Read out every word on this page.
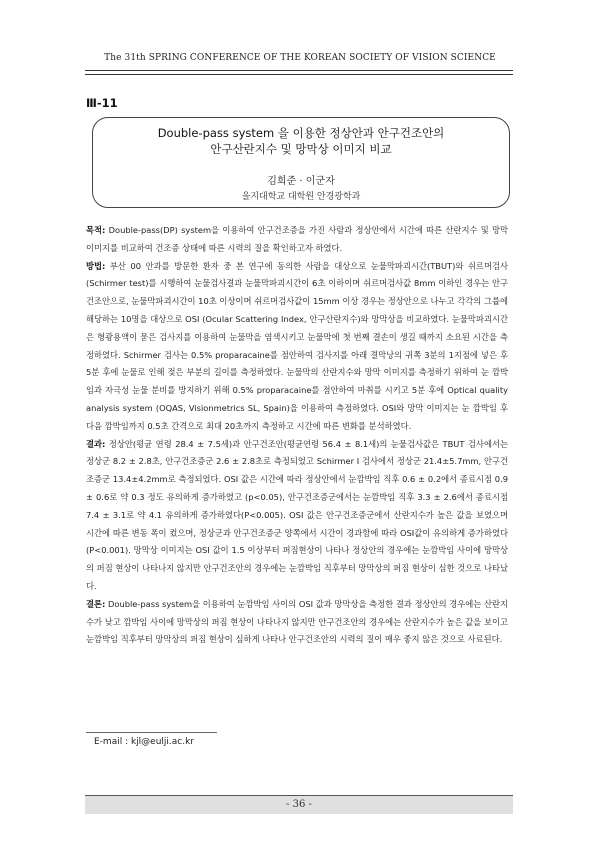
The 31th SPRING CONFERENCE OF THE KOREAN SOCIETY OF VISION SCIENCE
Ⅲ-11
Double-pass system 을 이용한 정상안과 안구건조안의
안구산란지수 및 망막상 이미지 비교
김희준 · 이군자
을지대학교 대학원 안경광학과
목적: Double-pass(DP) system을 이용하여 안구건조증을 가진 사람과 정상안에서 시간에 따른 산란지수 및 망막이미지를 비교하여 건조증 상태에 따른 시력의 질을 확인하고자 하였다.
방법: 부산 00 안과를 방문한 환자 중 본 연구에 동의한 사람을 대상으로 눈물막파괴시간(TBUT)와 쉬르머검사(Schirmer test)를 시행하여 눈물검사결과 눈물막파괴시간이 6초 이하이며 쉬르머검사값 8mm 이하인 경우는 안구건조안으로, 눈물막파괴시간이 10초 이상이며 쉬르머검사값이 15mm 이상 경우는 정상안으로 나누고 각각의 그룹에 해당하는 10명을 대상으로 OSI (Ocular Scattering Index, 안구산란지수)와 망막상을 비교하였다. 눈물막파괴시간은 형광용액이 묻은 검사지를 이용하여 눈물막을 염색시키고 눈물막에 첫 번째 결손이 생길 때까지 소요된 시간을 측정하였다. Schirmer 검사는 0.5% proparacaine를 점안하여 검사지를 아래 결막낭의 귀쪽 3분의 1지점에 넣은 후 5분 후에 눈물로 인해 젖은 부분의 길이를 측정하였다. 눈물막의 산란지수와 망막 이미지를 측정하기 위하여 눈 깜박임과 자극성 눈물 분비를 방지하기 위해 0.5% proparacaine를 점안하여 마취를 시키고 5분 후에 Optical quality analysis system (OQAS, Visionmetrics SL, Spain)을 이용하여 측정하였다. OSI와 망막 이미지는 눈 깜박임 후 다음 깜박임까지 0.5초 간격으로 최대 20초까지 측정하고 시간에 따른 변화를 분석하였다.
결과: 정상안(평균 연령 28.4 ± 7.5세)과 안구건조안(평균연령 56.4 ± 8.1세)의 눈물검사값은 TBUT 검사에서는 정상군 8.2 ± 2.8초, 안구건조증군 2.6 ± 2.8초로 측정되었고 Schirmer I 검사에서 정상군 21.4±5.7mm, 안구건조증군 13.4±4.2mm로 측정되었다. OSI 값은 시간에 따라 정상안에서 눈깜박임 직후 0.6 ± 0.2에서 종료시점 0.9 ± 0.6로 약 0.3 정도 유의하게 증가하였고 (p<0.05), 안구건조증군에서는 눈깜박임 직후 3.3 ± 2.6에서 종료시점 7.4 ± 3.1로 약 4.1 유의하게 증가하였다(P<0.005). OSI 값은 안구건조증군에서 산란지수가 높은 값을 보였으며 시간에 따른 변동 폭이 컸으며, 정상군과 안구건조증군 양쪽에서 시간이 경과함에 따라 OSI값이 유의하게 증가하였다(P<0.001). 망막상 이미지는 OSI 값이 1.5 이상부터 퍼짐현상이 나타나 정상안의 경우에는 눈깜박임 사이에 망막상의 퍼짐 현상이 나타나지 않지만 안구건조안의 경우에는 눈깜박임 직후부터 망막상의 퍼짐 현상이 심한 것으로 나타났다.
결론: Double-pass system을 이용하여 눈깜박임 사이의 OSI 값과 망막상을 측정한 결과 정상안의 경우에는 산란지수가 낮고 깜박임 사이에 망막상의 퍼짐 현상이 나타나지 않지만 안구건조안의 경우에는 산란지수가 높은 값을 보이고 눈깜박임 직후부터 망막상의 퍼짐 현상이 심하게 나타나 안구건조안의 시력의 질이 매우 좋지 않은 것으로 사료된다.
E-mail : kjl@eulji.ac.kr
- 36 -
